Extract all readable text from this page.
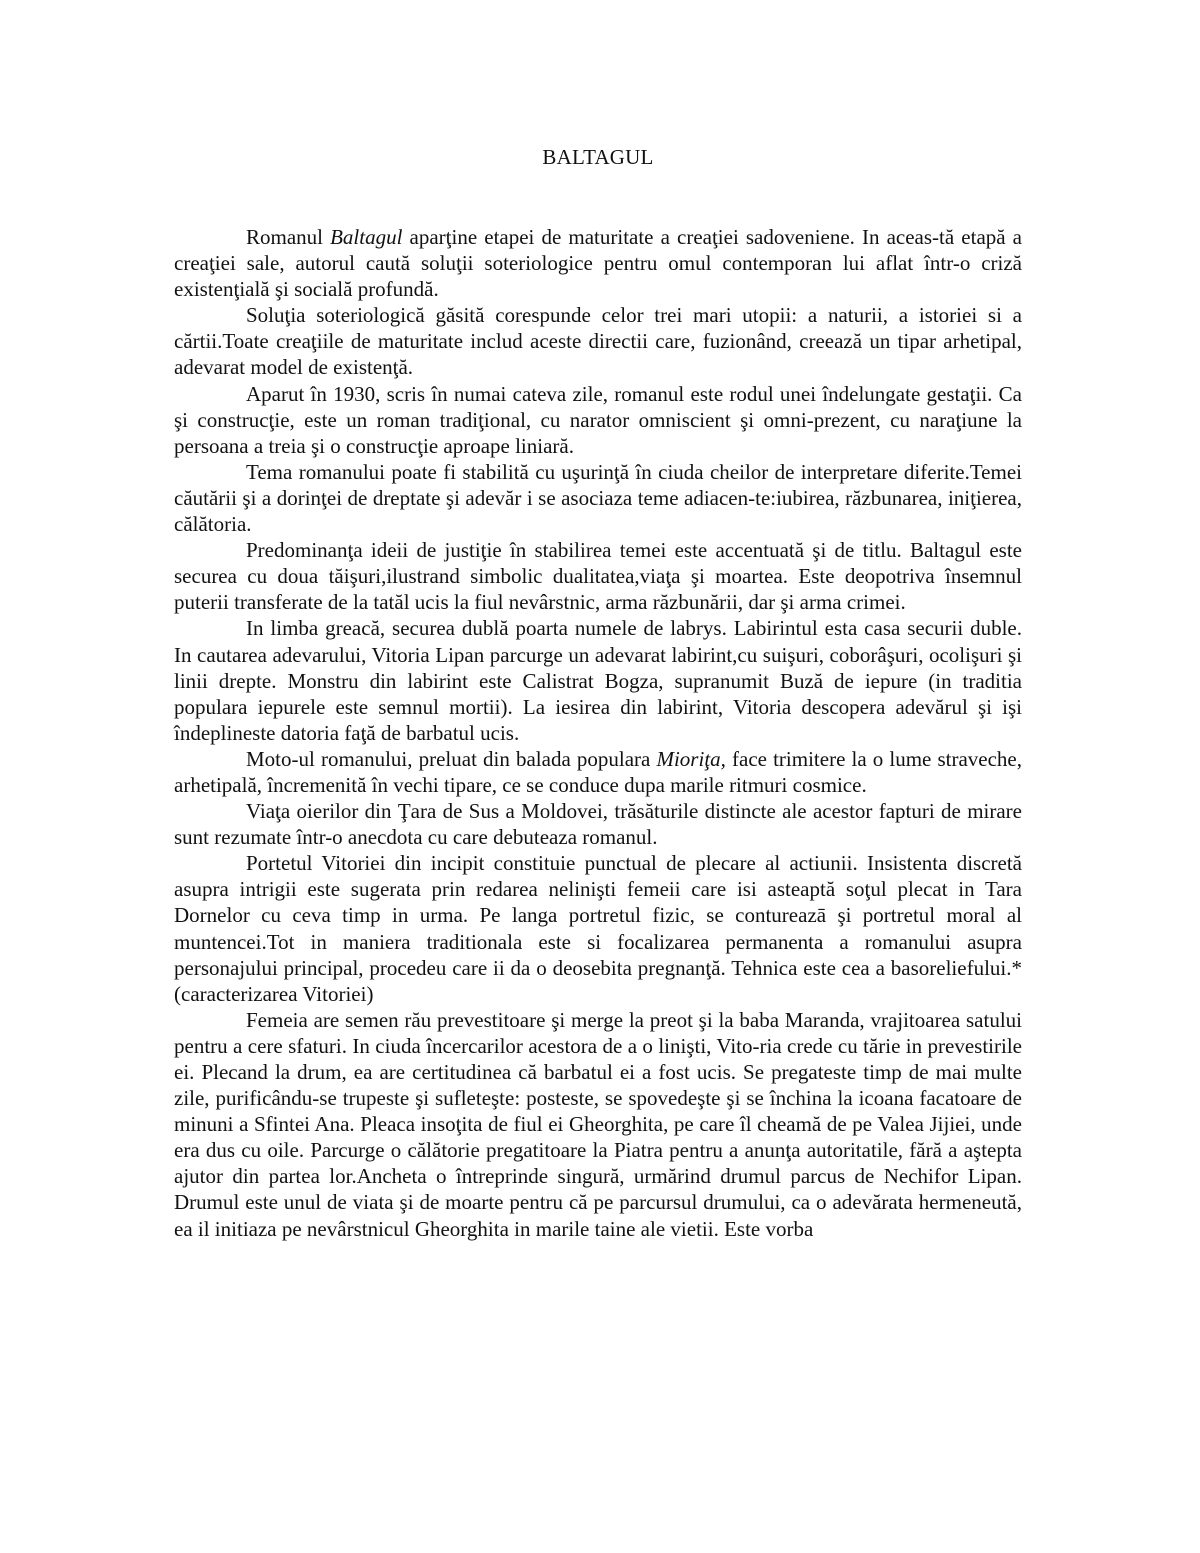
BALTAGUL

Romanul Baltagul aparţine etapei de maturitate a creaţiei sadoveniene. In aceas-tă etapă a creaţiei sale, autorul caută soluţii soteriologice pentru omul contemporan lui aflat într-o criză existenţială şi socială profundă.

Soluţia soteriologică găsită corespunde celor trei mari utopii: a naturii, a istoriei si a cărtii.Toate creaţiile de maturitate includ aceste directii care, fuzionând, creează un tipar arhetipal, adevarat model de existenţă.

Aparut în 1930, scris în numai cateva zile, romanul este rodul unei îndelungate gestaţii. Ca şi construcţie, este un roman tradiţional, cu narator omniscient şi omni-prezent, cu naraţiune la persoana a treia şi o construcţie aproape liniară.

Tema romanului poate fi stabilită cu uşurinţă în ciuda cheilor de interpretare diferite.Temei căutării şi a dorinţei de dreptate şi adevăr i se asociaza teme adiacen-te:iubirea, răzbunarea, iniţierea, călătoria.

Predominanţa ideii de justiţie în stabilirea temei este accentuată şi de titlu. Baltagul este securea cu doua tăişuri,ilustrand simbolic dualitatea,viaţa şi moartea. Este deopotriva însemnul puterii transferate de la tatăl ucis la fiul nevârstnic, arma răzbunării, dar şi arma crimei.

In limba greacă, securea dublă poarta numele de labrys. Labirintul esta casa securii duble. In cautarea adevarului, Vitoria Lipan parcurge un adevarat labirint,cu suişuri, coborâşuri, ocolişuri şi linii drepte. Monstru din labirint este Calistrat Bogza, supranumit Buză de iepure (in traditia populara iepurele este semnul mortii). La iesirea din labirint, Vitoria descopera adevărul şi işi îndeplineste datoria faţă de barbatul ucis.

Moto-ul romanului, preluat din balada populara Mioriţa, face trimitere la o lume straveche, arhetipală, încremenită în vechi tipare, ce se conduce dupa marile ritmuri cosmice.

Viaţa oierilor din Ţara de Sus a Moldovei, trăsăturile distincte ale acestor fapturi de mirare sunt rezumate într-o anecdota cu care debuteaza romanul.

Portetul Vitoriei din incipit constituie punctual de plecare al actiunii. Insistenta discretă asupra intrigii este sugerata prin redarea nelinişti femeii care isi asteaptă soţul plecat in Tara Dornelor cu ceva timp in urma. Pe langa portretul fizic, se contureazā şi portretul moral al muntencei.Tot in maniera traditionala este si focalizarea permanenta a romanului asupra personajului principal, procedeu care ii da o deosebita pregnanţă. Tehnica este cea a basoreliefului.*(caracterizarea Vitoriei)

Femeia are semen rău prevestitoare şi merge la preot şi la baba Maranda, vrajitoarea satului pentru a cere sfaturi. In ciuda încercarilor acestora de a o linişti, Vito-ria crede cu tărie in prevestirile ei. Plecand la drum, ea are certitudinea că barbatul ei a fost ucis. Se pregateste timp de mai multe zile, purificându-se trupeste şi sufleteşte: posteste, se spovedeşte şi se închina la icoana facatoare de minuni a Sfintei Ana. Pleaca insoţita de fiul ei Gheorghita, pe care îl cheamă de pe Valea Jijiei, unde era dus cu oile. Parcurge o călătorie pregatitoare la Piatra pentru a anunţa autoritatile, fără a aştepta ajutor din partea lor.Ancheta o întreprinde singură, urmărind drumul parcus de Nechifor Lipan. Drumul este unul de viata şi de moarte pentru că pe parcursul drumului, ca o adevărata hermeneută, ea il initiaza pe nevârstnicul Gheorghita in marile taine ale vietii. Este vorba
